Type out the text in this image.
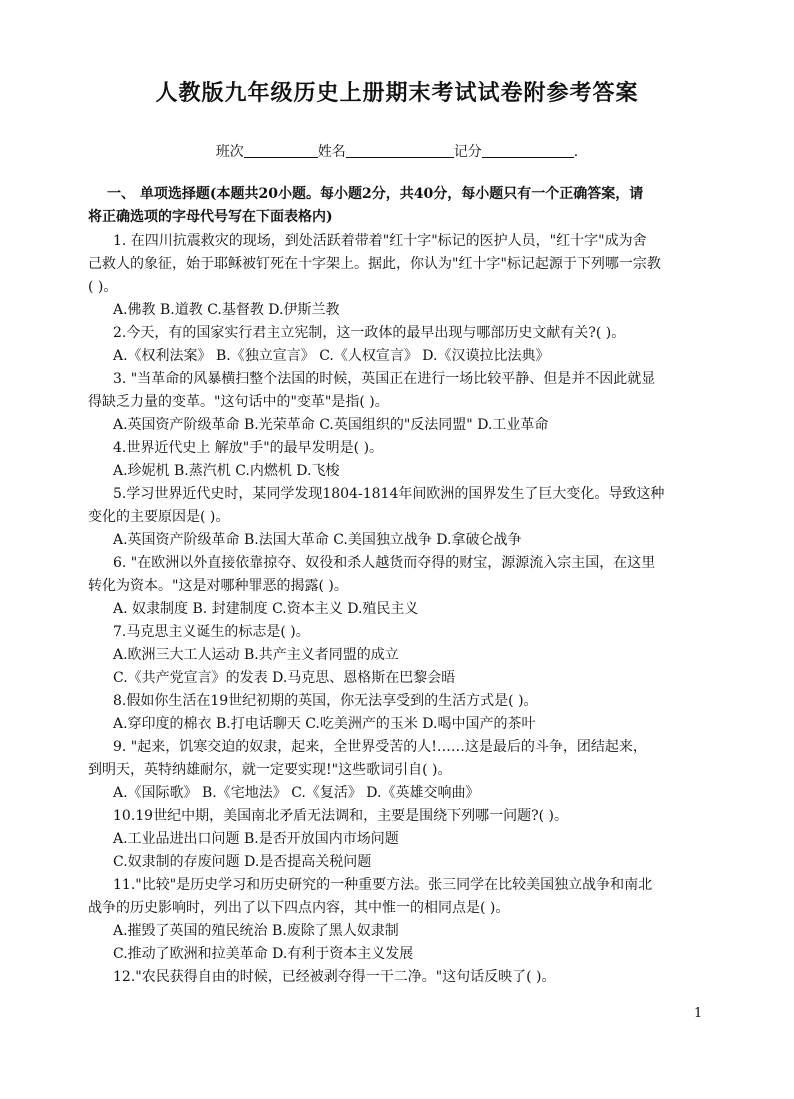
人教版九年级历史上册期末考试试卷附参考答案
班次	姓名	记分	.
一、 单项选择题(本题共20小题。每小题2分，共40分，每小题只有一个正确答案，请
将正确选项的字母代号写在下面表格内)
1. 在四川抗震救灾的现场，到处活跃着带着"红十字"标记的医护人员，"红十字"成为舍
己救人的象征，始于耶稣被钉死在十字架上。据此，你认为"红十字"标记起源于下列哪一宗教
( )。
A.佛教 B.道教 C.基督教 D.伊斯兰教
2.今天，有的国家实行君主立宪制，这一政体的最早出现与哪部历史文献有关?( )。
A.《权利法案》 B.《独立宣言》 C.《人权宣言》 D.《汉谟拉比法典》
3. "当革命的风暴横扫整个法国的时候，英国正在进行一场比较平静、但是并不因此就显
得缺乏力量的变革。"这句话中的"变革"是指( )。
A.英国资产阶级革命 B.光荣革命 C.英国组织的"反法同盟" D.工业革命
4.世界近代史上 解放"手"的最早发明是( )。
A.珍妮机 B.蒸汽机 C.内燃机 D.飞梭
5.学习世界近代史时，某同学发现1804-1814年间欧洲的国界发生了巨大变化。导致这种
变化的主要原因是( )。
A.英国资产阶级革命 B.法国大革命 C.美国独立战争 D.拿破仑战争
6. "在欧洲以外直接依靠掠夺、奴役和杀人越货而夺得的财宝，源源流入宗主国，在这里
转化为资本。"这是对哪种罪恶的揭露( )。
A. 奴隶制度 B. 封建制度 C.资本主义 D.殖民主义
7.马克思主义诞生的标志是( )。
A.欧洲三大工人运动 B.共产主义者同盟的成立
C.《共产党宣言》的发表 D.马克思、恩格斯在巴黎会晤
8.假如你生活在19世纪初期的英国，你无法享受到的生活方式是( )。
A.穿印度的棉衣 B.打电话聊天 C.吃美洲产的玉米 D.喝中国产的茶叶
9. "起来，饥寒交迫的奴隶，起来，全世界受苦的人!……这是最后的斗争，团结起来，
到明天，英特纳雄耐尔，就一定要实现!"这些歌词引自( )。
A.《国际歌》 B.《宅地法》 C.《复活》 D.《英雄交响曲》
10.19世纪中期，美国南北矛盾无法调和，主要是围绕下列哪一问题?( )。
A.工业品进出口问题 B.是否开放国内市场问题
C.奴隶制的存废问题 D.是否提高关税问题
11."比较"是历史学习和历史研究的一种重要方法。张三同学在比较美国独立战争和南北
战争的历史影响时，列出了以下四点内容，其中惟一的相同点是( )。
A.摧毁了英国的殖民统治 B.废除了黑人奴隶制
C.推动了欧洲和拉美革命 D.有利于资本主义发展
12."农民获得自由的时候，已经被剥夺得一干二净。"这句话反映了( )。
1
